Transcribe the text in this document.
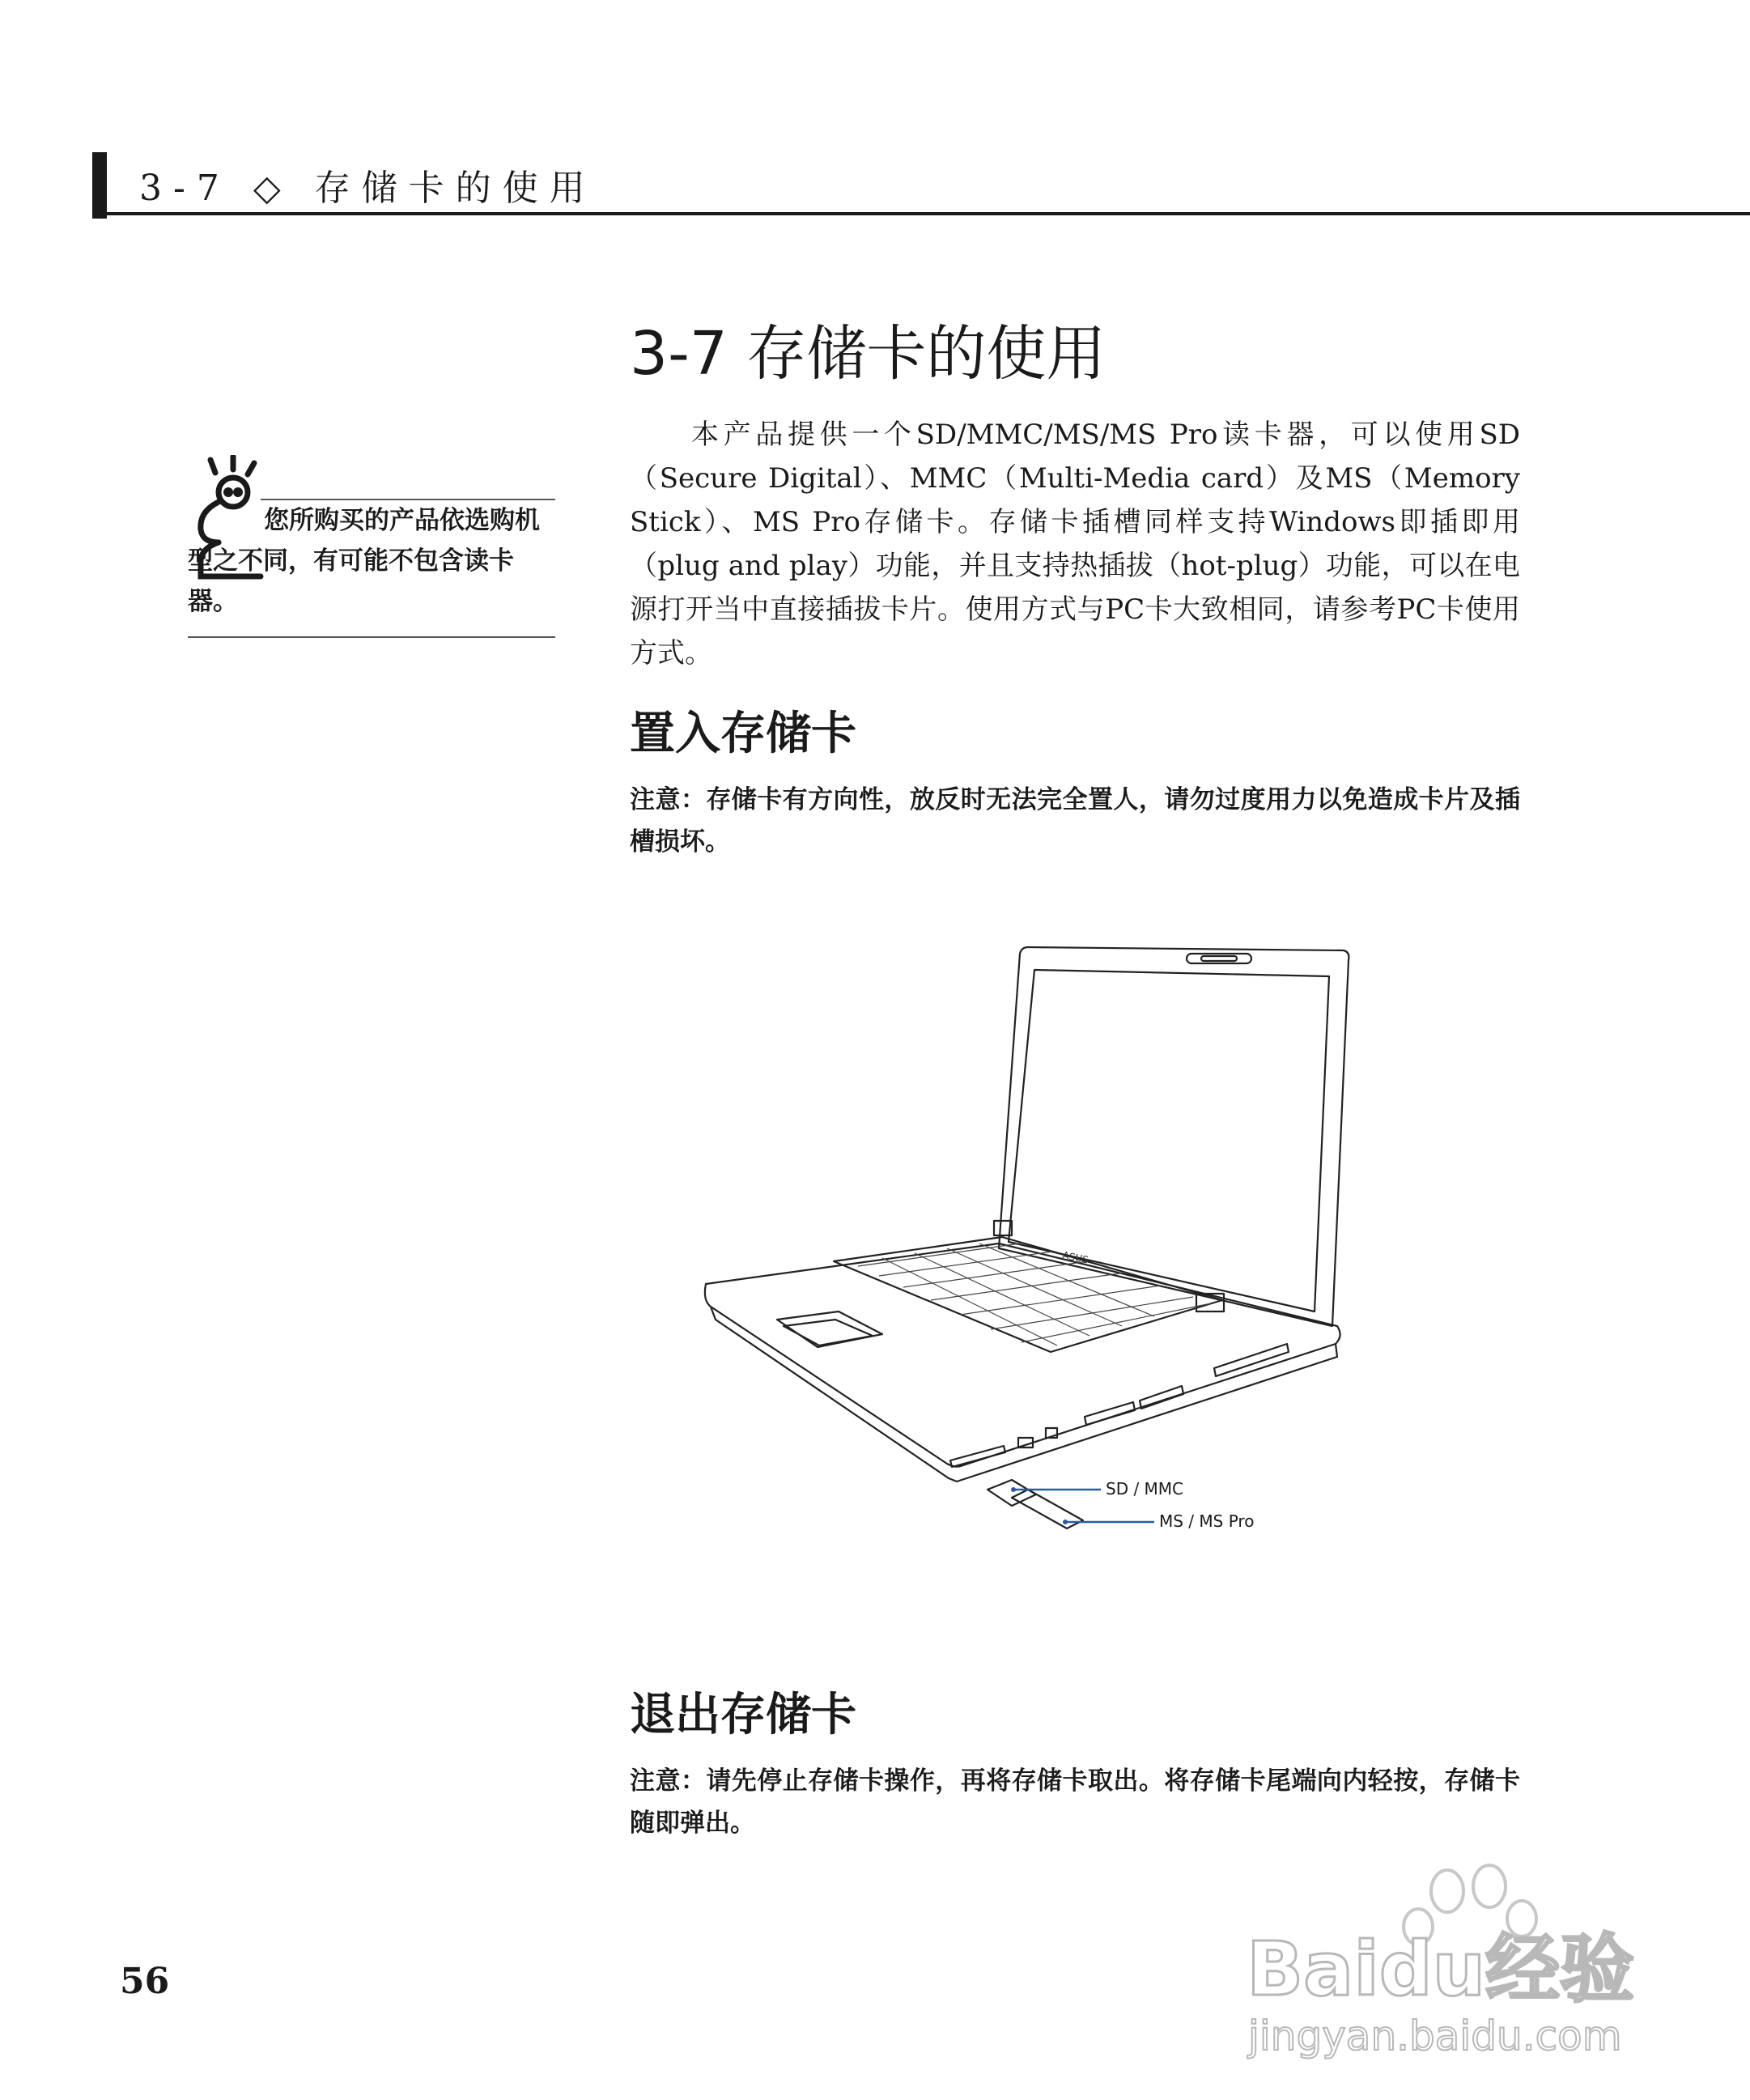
3-7 ◇ 存储卡的使用
3-7 存储卡的使用
本产品提供一个SD/MMC/MS/MS Pro读卡器，可以使用SD（Secure Digital）、MMC（Multi-Media card）及MS（Memory Stick）、MS Pro存储卡。存储卡插槽同样支持Windows即插即用（plug and play）功能，并且支持热插拔（hot-plug）功能，可以在电源打开当中直接插拔卡片。使用方式与PC卡大致相同，请参考PC卡使用方式。
您所购买的产品依选购机型之不同，有可能不包含读卡器。
置入存储卡
注意：存储卡有方向性，放反时无法完全置人，请勿过度用力以免造成卡片及插槽损坏。
ASUS
SD / MMC
MS / MS Pro
退出存储卡
注意：请先停止存储卡操作，再将存储卡取出。将存储卡尾端向内轻按，存储卡随即弹出。
56	Baidu经验
jingyan.baidu.com
